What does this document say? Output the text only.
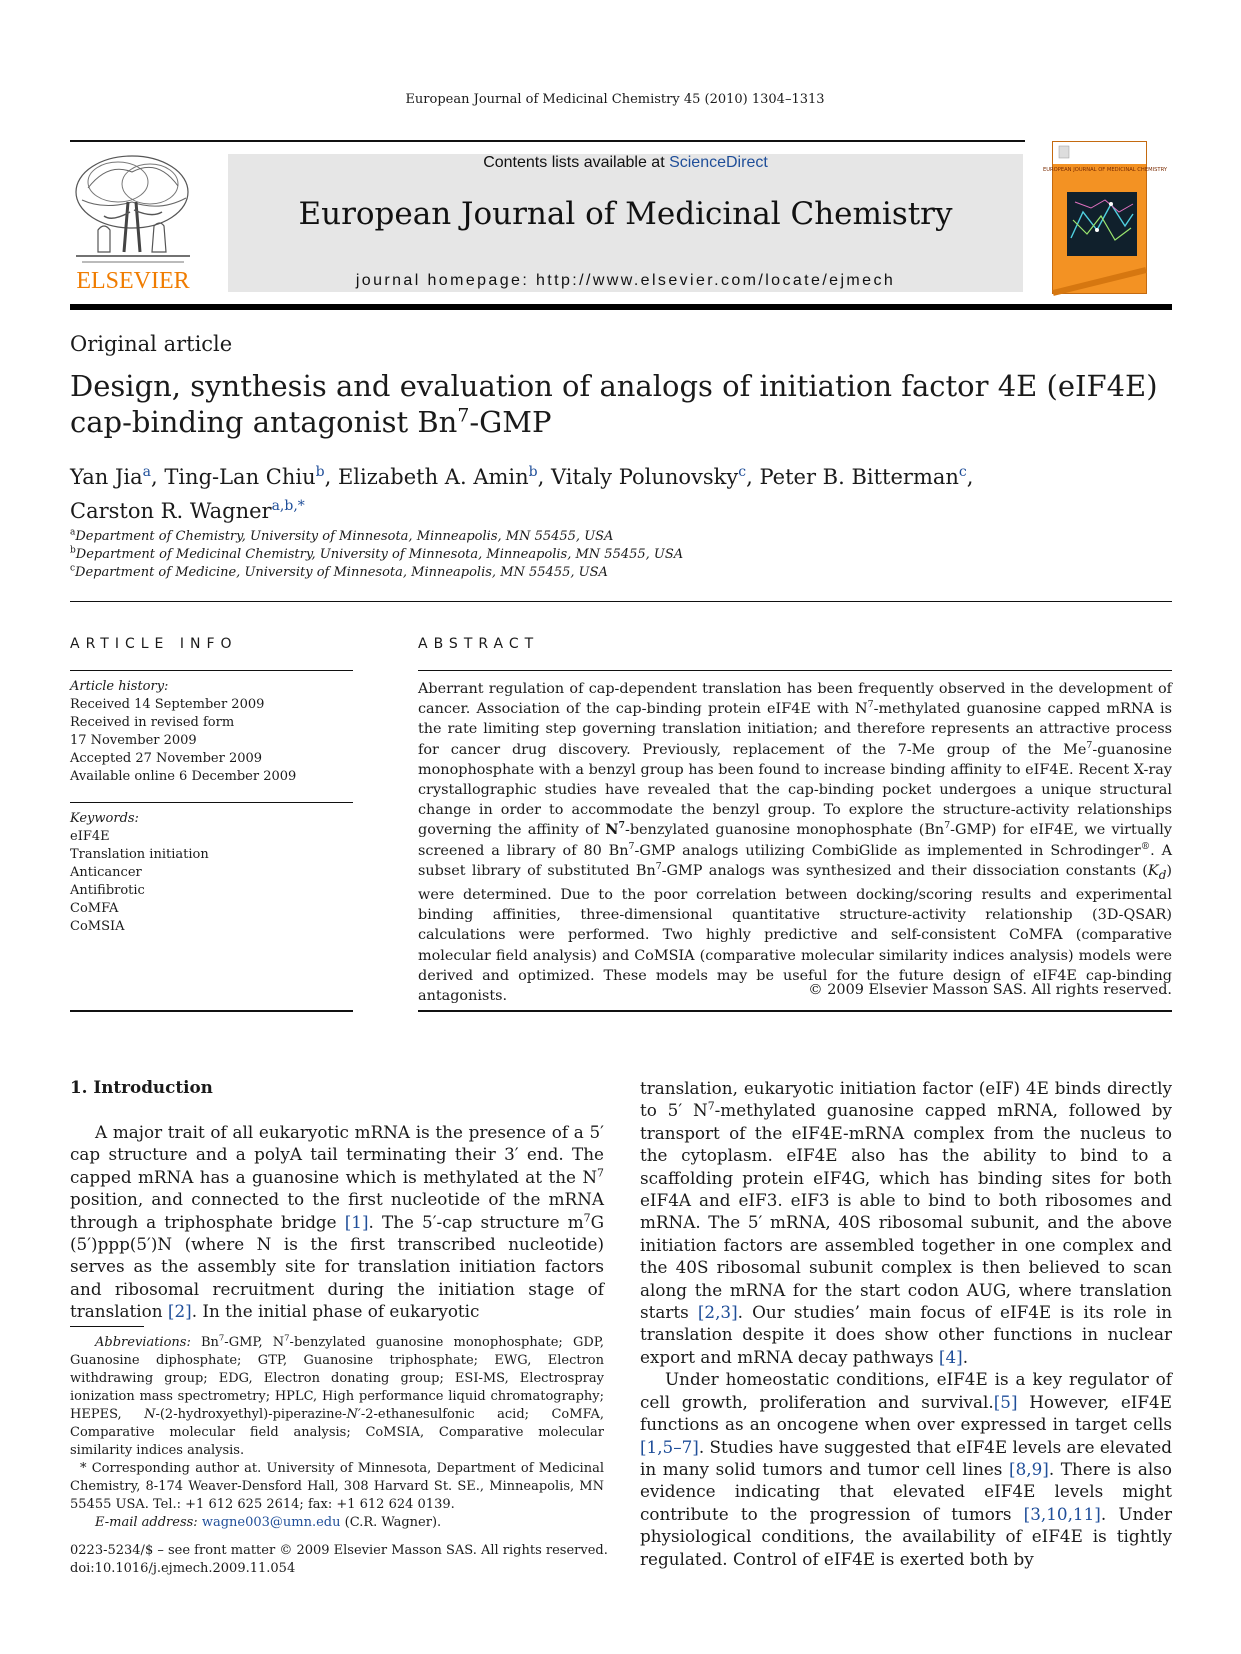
European Journal of Medicinal Chemistry 45 (2010) 1304–1313
ELSEVIER
Contents lists available at ScienceDirect
European Journal of Medicinal Chemistry
journal homepage: http://www.elsevier.com/locate/ejmech
EUROPEAN JOURNAL OF MEDICINAL CHEMISTRY
Original article
Design, synthesis and evaluation of analogs of initiation factor 4E (eIF4E)
cap-binding antagonist Bn$^7$-GMP
Yan Jia$^a$, Ting-Lan Chiu$^b$, Elizabeth A. Amin$^b$, Vitaly Polunovsky$^c$, Peter B. Bitterman$^c$,
Carston R. Wagner$^{a,b,*}$
$^a$Department of Chemistry, University of Minnesota, Minneapolis, MN 55455, USA
$^b$Department of Medicinal Chemistry, University of Minnesota, Minneapolis, MN 55455, USA
$^c$Department of Medicine, University of Minnesota, Minneapolis, MN 55455, USA
ARTICLE INFO	ABSTRACT
Article history:
Received 14 September 2009
Received in revised form
17 November 2009
Accepted 27 November 2009
Available online 6 December 2009
Keywords:
eIF4E
Translation initiation
Anticancer
Antifibrotic
CoMFA
CoMSIA
Aberrant regulation of cap-dependent translation has been frequently observed in the development of cancer. Association of the cap-binding protein eIF4E with $N^7$-methylated guanosine capped mRNA is the rate limiting step governing translation initiation; and therefore represents an attractive process for cancer drug discovery. Previously, replacement of the 7-Me group of the Me$^7$-guanosine monophosphate with a benzyl group has been found to increase binding affinity to eIF4E. Recent X-ray crystallographic studies have revealed that the cap-binding pocket undergoes a unique structural change in order to accommodate the benzyl group. To explore the structure-activity relationships governing the affinity of $N^7$-benzylated guanosine monophosphate (Bn$^7$-GMP) for eIF4E, we virtually screened a library of 80 Bn$^7$-GMP analogs utilizing CombiGlide as implemented in Schrodinger®. A subset library of substituted Bn$^7$-GMP analogs was synthesized and their dissociation constants $(K_d)$ were determined. Due to the poor correlation between docking/scoring results and experimental binding affinities, three-dimensional quantitative structure-activity relationship (3D-QSAR) calculations were performed. Two highly predictive and self-consistent CoMFA (comparative molecular field analysis) and CoMSIA (comparative molecular similarity indices analysis) models were derived and optimized. These models may be useful for the future design of eIF4E cap-binding antagonists.	© 2009 Elsevier Masson SAS. All rights reserved.
1. Introduction
A major trait of all eukaryotic mRNA is the presence of a 5′ cap structure and a polyA tail terminating their 3′ end. The capped mRNA has a guanosine which is methylated at the $N^7$ position, and connected to the first nucleotide of the mRNA through a triphosphate bridge [1]. The 5′-cap structure $m^7G$ (5′)ppp(5′)N (where N is the first transcribed nucleotide) serves as the assembly site for translation initiation factors and ribosomal recruitment during the initiation stage of translation [2]. In the initial phase of eukaryotic

translation, eukaryotic initiation factor (eIF) 4E binds directly to 5′ $N^7$-methylated guanosine capped mRNA, followed by transport of the eIF4E-mRNA complex from the nucleus to the cytoplasm. eIF4E also has the ability to bind to a scaffolding protein eIF4G, which has binding sites for both eIF4A and eIF3. eIF3 is able to bind to both ribosomes and mRNA. The 5′ mRNA, 40S ribosomal subunit, and the above initiation factors are assembled together in one complex and the 40S ribosomal subunit complex is then believed to scan along the mRNA for the start codon AUG, where translation starts [2,3]. Our studies’ main focus of eIF4E is its role in translation despite it does show other functions in nuclear export and mRNA decay pathways [4].

Under homeostatic conditions, eIF4E is a key regulator of cell growth, proliferation and survival.[5] However, eIF4E functions as an oncogene when over expressed in target cells [1,5–7]. Studies have suggested that eIF4E levels are elevated in many solid tumors and tumor cell lines [8,9]. There is also evidence indicating that elevated eIF4E levels might contribute to the progression of tumors [3,10,11]. Under physiological conditions, the availability of eIF4E is tightly regulated. Control of eIF4E is exerted both by

Abbreviations: Bn$^7$-GMP, $N^7$-benzylated guanosine monophosphate; GDP, Guanosine diphosphate; GTP, Guanosine triphosphate; EWG, Electron withdrawing group; EDG, Electron donating group; ESI-MS, Electrospray ionization mass spectrometry; HPLC, High performance liquid chromatography; HEPES, N-(2-hydroxyethyl)-piperazine-N′-2-ethanesulfonic acid; CoMFA, Comparative molecular field analysis; CoMSIA, Comparative molecular similarity indices analysis.

* Corresponding author at. University of Minnesota, Department of Medicinal Chemistry, 8-174 Weaver-Densford Hall, 308 Harvard St. SE., Minneapolis, MN 55455 USA. Tel.: +1 612 625 2614; fax: +1 612 624 0139.

E-mail address: wagne003@umn.edu (C.R. Wagner).

0223-5234/$ – see front matter © 2009 Elsevier Masson SAS. All rights reserved.
doi:10.1016/j.ejmech.2009.11.054
